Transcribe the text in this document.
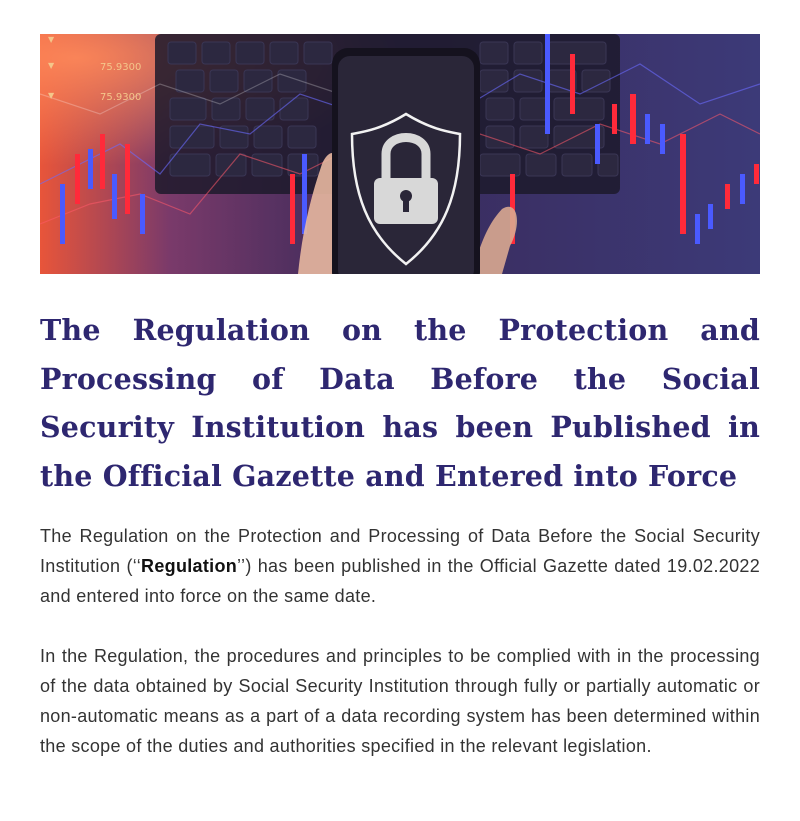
▼
▼	75.9300
▼	75.9300
The Regulation on the Protection and Processing of Data Before the Social Security Institution has been Published in the Official Gazette and Entered into Force

The Regulation on the Protection and Processing of Data Before the Social Security Institution (‘‘Regulation’’) has been published in the Official Gazette dated 19.02.2022 and entered into force on the same date.

In the Regulation, the procedures and principles to be complied with in the processing of the data obtained by Social Security Institution through fully or partially automatic or non-automatic means as a part of a data recording system has been determined within the scope of the duties and authorities specified in the relevant legislation.
